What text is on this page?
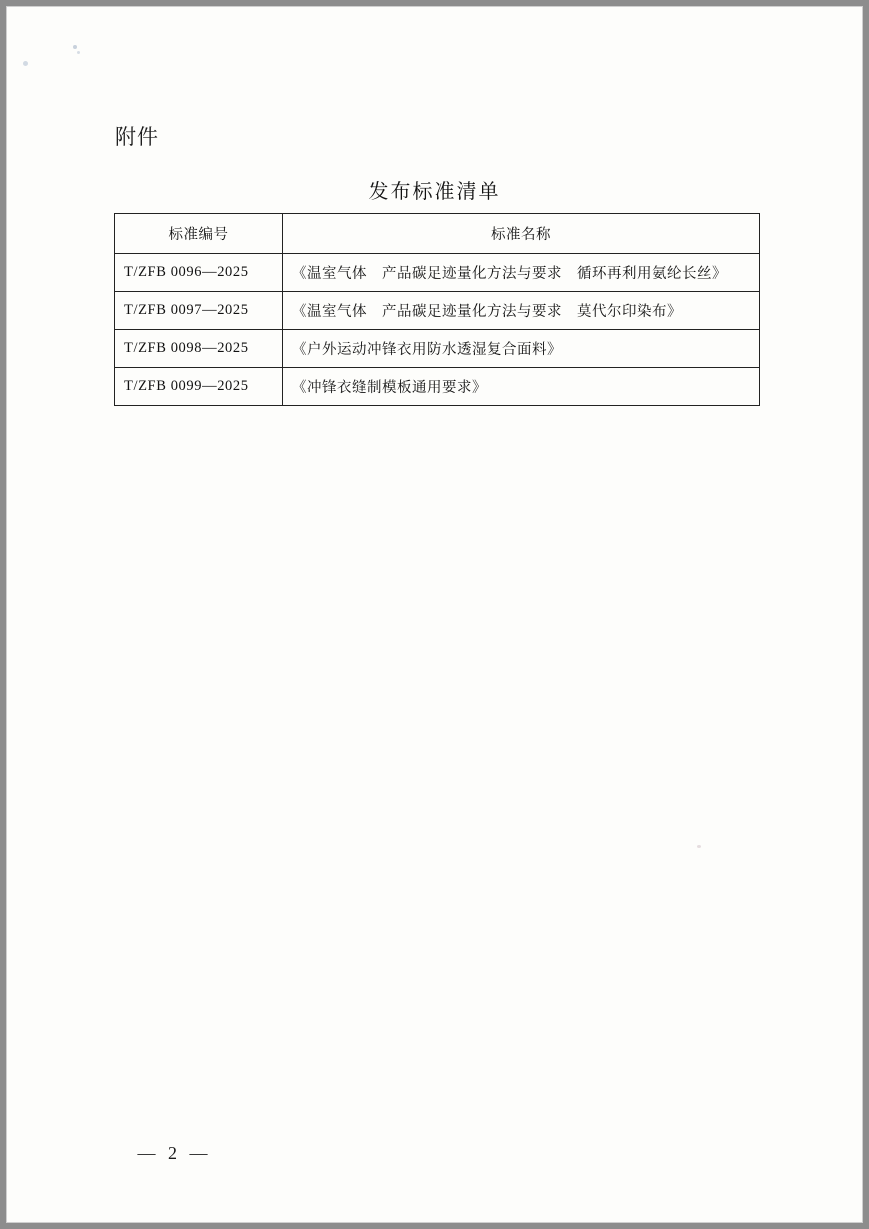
附件
发布标准清单
标准编号	标准名称
T/ZFB 0096—2025	《温室气体　产品碳足迹量化方法与要求　循环再利用氨纶长丝》
T/ZFB 0097—2025	《温室气体　产品碳足迹量化方法与要求　莫代尔印染布》
T/ZFB 0098—2025	《户外运动冲锋衣用防水透湿复合面料》
T/ZFB 0099—2025	《冲锋衣缝制模板通用要求》
— 2 —
